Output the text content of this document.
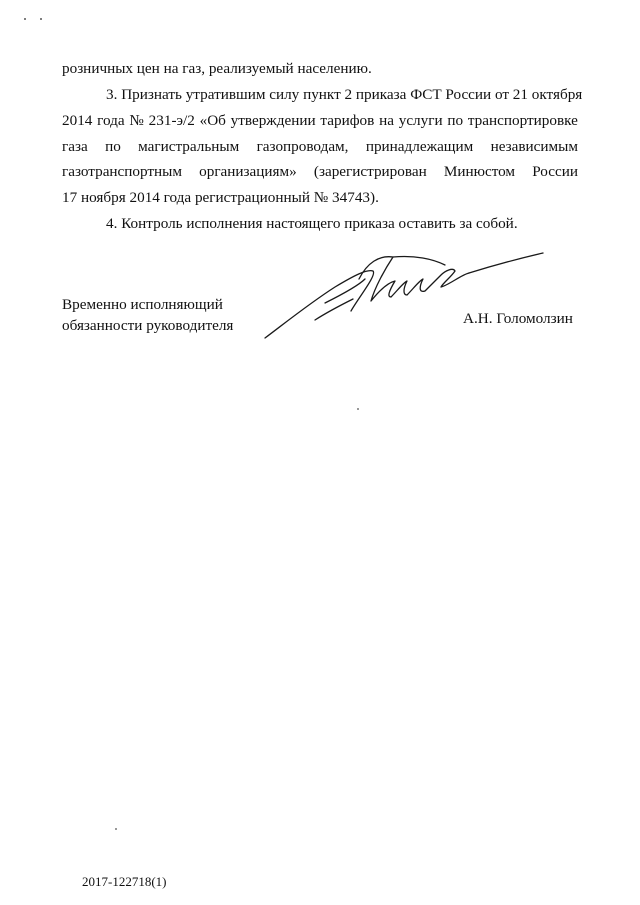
розничных цен на газ, реализуемый населению.
3. Признать утратившим силу пункт 2 приказа ФСТ России от 21 октября
2014 года № 231-э/2 «Об утверждении тарифов на услуги по транспортировке
газа по магистральным газопроводам, принадлежащим независимым
газотранспортным организациям» (зарегистрирован Минюстом России
17 ноября 2014 года регистрационный № 34743).
4. Контроль исполнения настоящего приказа оставить за собой.
Временно исполняющий
обязанности руководителя	А.Н. Голомолзин
2017-122718(1)
